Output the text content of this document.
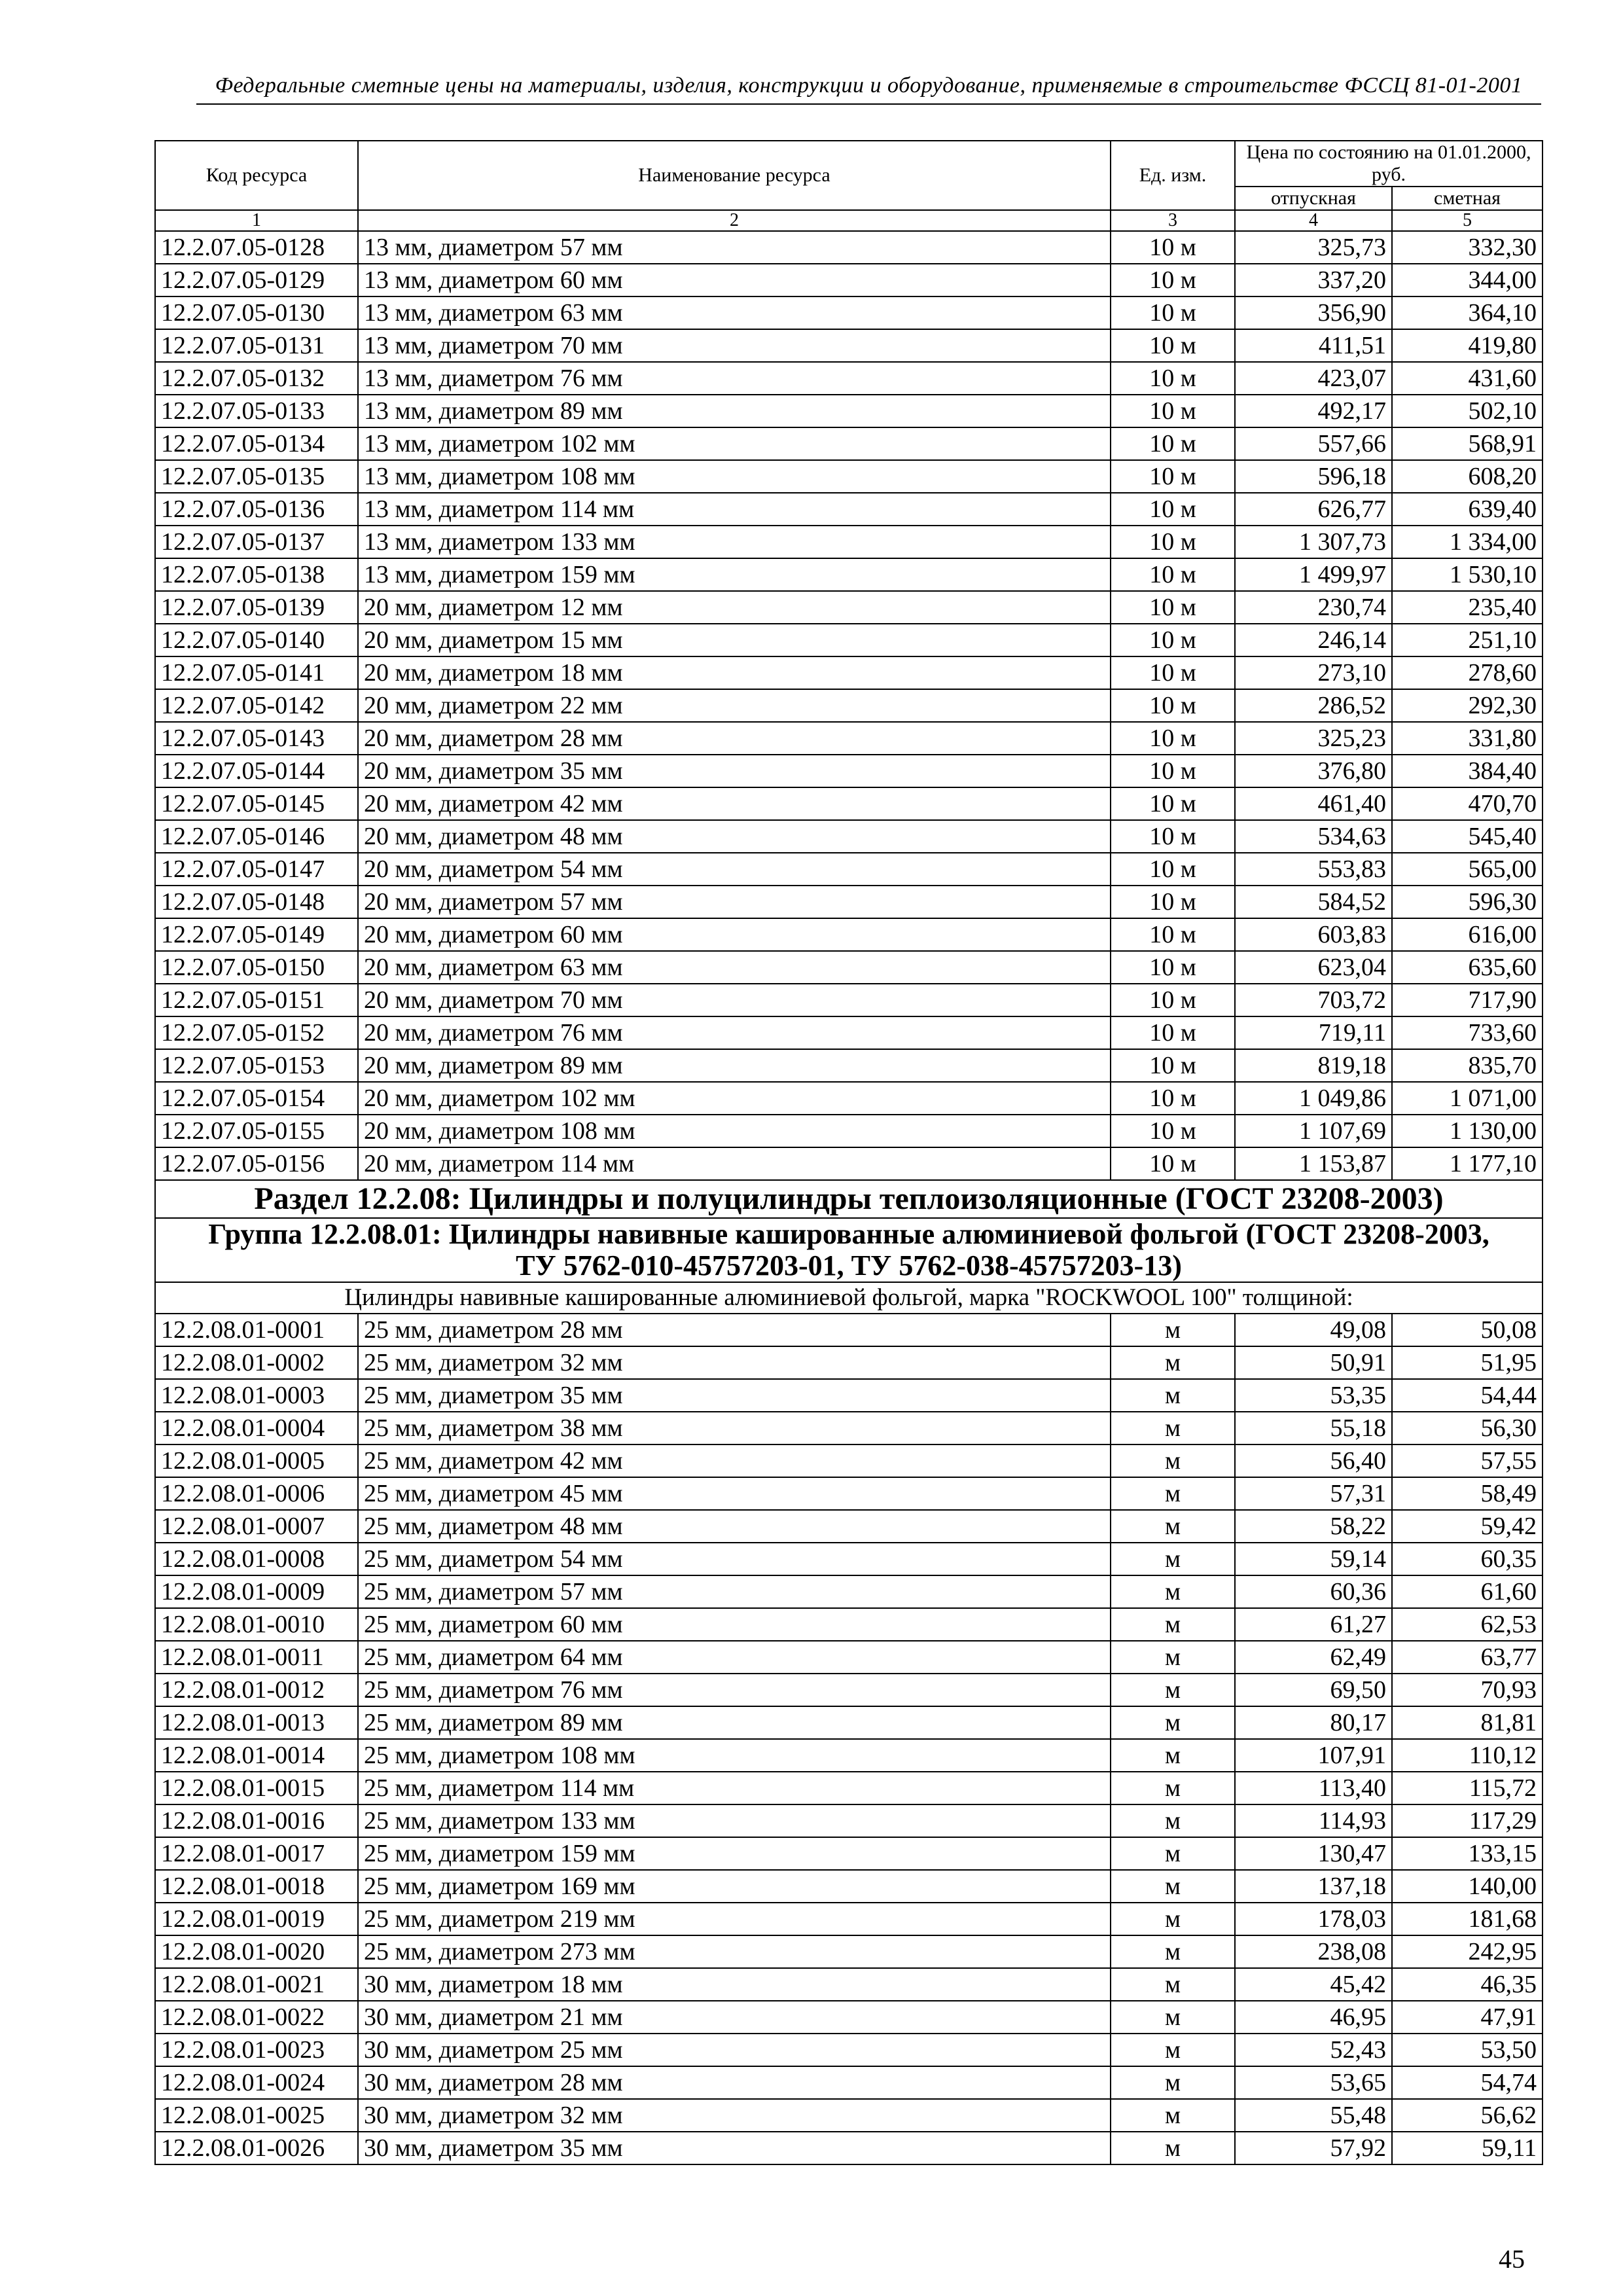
Федеральные сметные цены на материалы, изделия, конструкции и оборудование, применяемые в строительстве ФССЦ 81-01-2001
Код ресурса	Наименование ресурса	Ед. изм.	Цена по состоянию на 01.01.2000, руб.	
			отпускная	сметная
1	2	3	4	5
12.2.07.05-0128	13 мм, диаметром 57 мм	10 м	325,73	332,30
12.2.07.05-0129	13 мм, диаметром 60 мм	10 м	337,20	344,00
12.2.07.05-0130	13 мм, диаметром 63 мм	10 м	356,90	364,10
12.2.07.05-0131	13 мм, диаметром 70 мм	10 м	411,51	419,80
12.2.07.05-0132	13 мм, диаметром 76 мм	10 м	423,07	431,60
12.2.07.05-0133	13 мм, диаметром 89 мм	10 м	492,17	502,10
12.2.07.05-0134	13 мм, диаметром 102 мм	10 м	557,66	568,91
12.2.07.05-0135	13 мм, диаметром 108 мм	10 м	596,18	608,20
12.2.07.05-0136	13 мм, диаметром 114 мм	10 м	626,77	639,40
12.2.07.05-0137	13 мм, диаметром 133 мм	10 м	1 307,73	1 334,00
12.2.07.05-0138	13 мм, диаметром 159 мм	10 м	1 499,97	1 530,10
12.2.07.05-0139	20 мм, диаметром 12 мм	10 м	230,74	235,40
12.2.07.05-0140	20 мм, диаметром 15 мм	10 м	246,14	251,10
12.2.07.05-0141	20 мм, диаметром 18 мм	10 м	273,10	278,60
12.2.07.05-0142	20 мм, диаметром 22 мм	10 м	286,52	292,30
12.2.07.05-0143	20 мм, диаметром 28 мм	10 м	325,23	331,80
12.2.07.05-0144	20 мм, диаметром 35 мм	10 м	376,80	384,40
12.2.07.05-0145	20 мм, диаметром 42 мм	10 м	461,40	470,70
12.2.07.05-0146	20 мм, диаметром 48 мм	10 м	534,63	545,40
12.2.07.05-0147	20 мм, диаметром 54 мм	10 м	553,83	565,00
12.2.07.05-0148	20 мм, диаметром 57 мм	10 м	584,52	596,30
12.2.07.05-0149	20 мм, диаметром 60 мм	10 м	603,83	616,00
12.2.07.05-0150	20 мм, диаметром 63 мм	10 м	623,04	635,60
12.2.07.05-0151	20 мм, диаметром 70 мм	10 м	703,72	717,90
12.2.07.05-0152	20 мм, диаметром 76 мм	10 м	719,11	733,60
12.2.07.05-0153	20 мм, диаметром 89 мм	10 м	819,18	835,70
12.2.07.05-0154	20 мм, диаметром 102 мм	10 м	1 049,86	1 071,00
12.2.07.05-0155	20 мм, диаметром 108 мм	10 м	1 107,69	1 130,00
12.2.07.05-0156	20 мм, диаметром 114 мм	10 м	1 153,87	1 177,10
Раздел 12.2.08: Цилиндры и полуцилиндры теплоизоляционные (ГОСТ 23208-2003)				
Группа 12.2.08.01: Цилиндры навивные кашированные алюминиевой фольгой (ГОСТ 23208-2003,
ТУ 5762-010-45757203-01, ТУ 5762-038-45757203-13)				
Цилиндры навивные кашированные алюминиевой фольгой, марка "ROCKWOOL 100" толщиной:				
12.2.08.01-0001	25 мм, диаметром 28 мм	м	49,08	50,08
12.2.08.01-0002	25 мм, диаметром 32 мм	м	50,91	51,95
12.2.08.01-0003	25 мм, диаметром 35 мм	м	53,35	54,44
12.2.08.01-0004	25 мм, диаметром 38 мм	м	55,18	56,30
12.2.08.01-0005	25 мм, диаметром 42 мм	м	56,40	57,55
12.2.08.01-0006	25 мм, диаметром 45 мм	м	57,31	58,49
12.2.08.01-0007	25 мм, диаметром 48 мм	м	58,22	59,42
12.2.08.01-0008	25 мм, диаметром 54 мм	м	59,14	60,35
12.2.08.01-0009	25 мм, диаметром 57 мм	м	60,36	61,60
12.2.08.01-0010	25 мм, диаметром 60 мм	м	61,27	62,53
12.2.08.01-0011	25 мм, диаметром 64 мм	м	62,49	63,77
12.2.08.01-0012	25 мм, диаметром 76 мм	м	69,50	70,93
12.2.08.01-0013	25 мм, диаметром 89 мм	м	80,17	81,81
12.2.08.01-0014	25 мм, диаметром 108 мм	м	107,91	110,12
12.2.08.01-0015	25 мм, диаметром 114 мм	м	113,40	115,72
12.2.08.01-0016	25 мм, диаметром 133 мм	м	114,93	117,29
12.2.08.01-0017	25 мм, диаметром 159 мм	м	130,47	133,15
12.2.08.01-0018	25 мм, диаметром 169 мм	м	137,18	140,00
12.2.08.01-0019	25 мм, диаметром 219 мм	м	178,03	181,68
12.2.08.01-0020	25 мм, диаметром 273 мм	м	238,08	242,95
12.2.08.01-0021	30 мм, диаметром 18 мм	м	45,42	46,35
12.2.08.01-0022	30 мм, диаметром 21 мм	м	46,95	47,91
12.2.08.01-0023	30 мм, диаметром 25 мм	м	52,43	53,50
12.2.08.01-0024	30 мм, диаметром 28 мм	м	53,65	54,74
12.2.08.01-0025	30 мм, диаметром 32 мм	м	55,48	56,62
12.2.08.01-0026	30 мм, диаметром 35 мм	м	57,92	59,11
45
